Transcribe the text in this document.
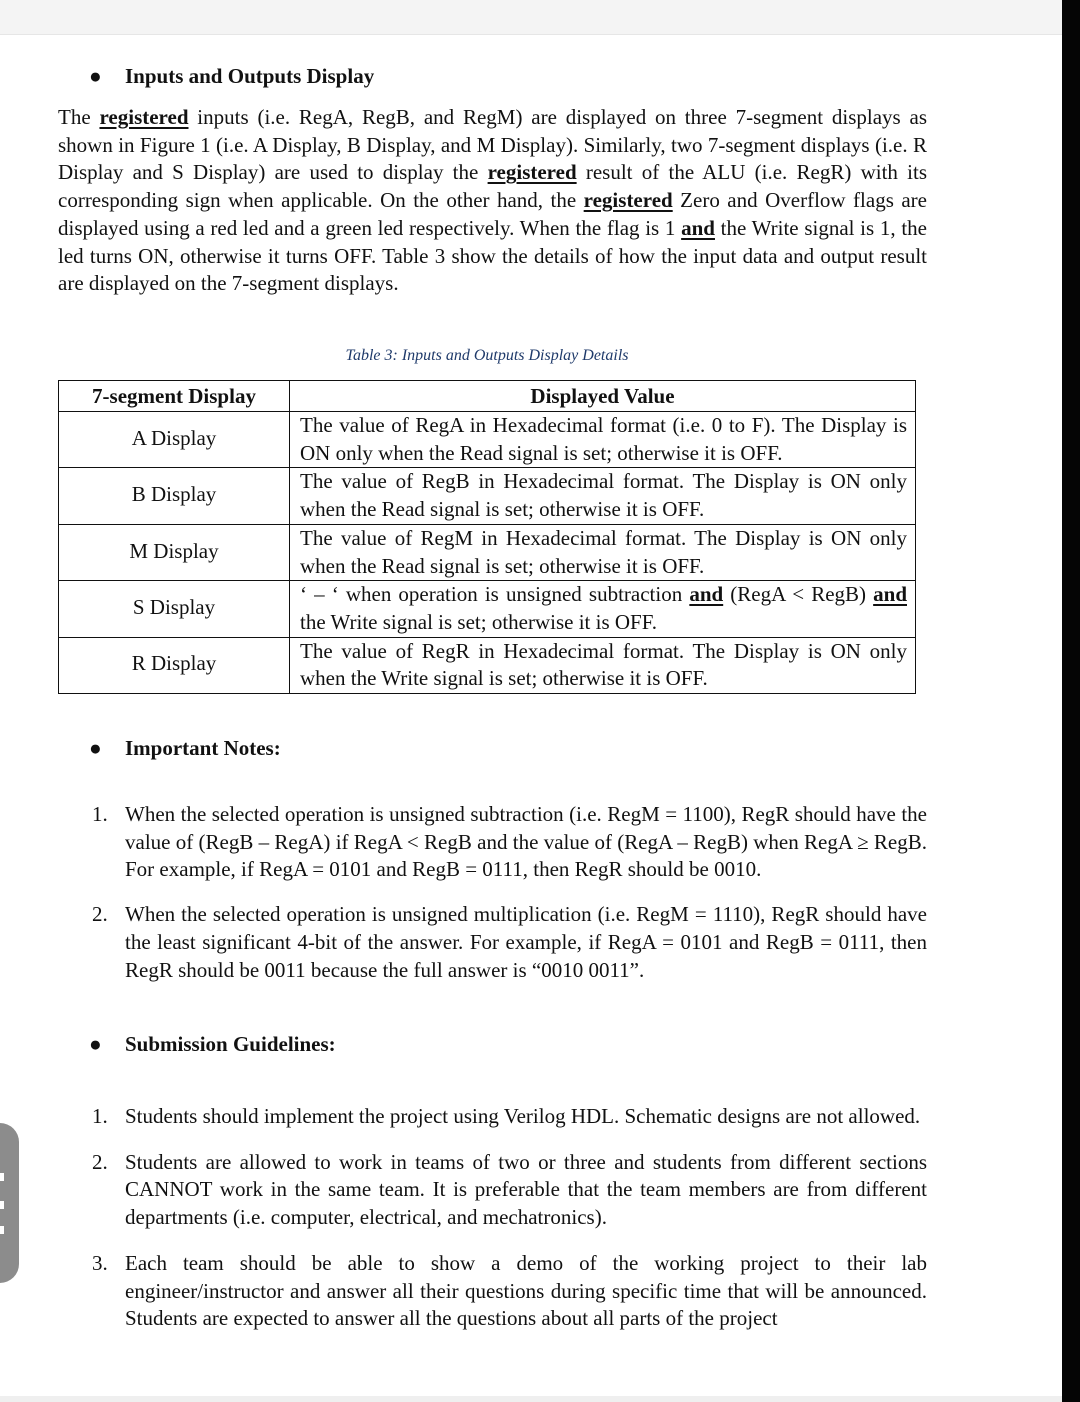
● Inputs and Outputs Display
The registered inputs (i.e. RegA, RegB, and RegM) are displayed on three 7-segment displays as shown in Figure 1 (i.e. A Display, B Display, and M Display). Similarly, two 7-segment displays (i.e. R Display and S Display) are used to display the registered result of the ALU (i.e. RegR) with its corresponding sign when applicable. On the other hand, the registered Zero and Overflow flags are displayed using a red led and a green led respectively. When the flag is 1 and the Write signal is 1, the led turns ON, otherwise it turns OFF. Table 3 show the details of how the input data and output result are displayed on the 7-segment displays.
Table 3: Inputs and Outputs Display Details
7-segment Display	Displayed Value
A Display	The value of RegA in Hexadecimal format (i.e. 0 to F). The Display is ON only when the Read signal is set; otherwise it is OFF.
B Display	The value of RegB in Hexadecimal format. The Display is ON only when the Read signal is set; otherwise it is OFF.
M Display	The value of RegM in Hexadecimal format. The Display is ON only when the Read signal is set; otherwise it is OFF.
S Display	‘ – ‘ when operation is unsigned subtraction and (RegA < RegB) and the Write signal is set; otherwise it is OFF.
R Display	The value of RegR in Hexadecimal format. The Display is ON only when the Write signal is set; otherwise it is OFF.
● Important Notes:
1. When the selected operation is unsigned subtraction (i.e. RegM = 1100), RegR should have the value of (RegB – RegA) if RegA < RegB and the value of (RegA – RegB) when RegA ≥ RegB. For example, if RegA = 0101 and RegB = 0111, then RegR should be 0010.
2. When the selected operation is unsigned multiplication (i.e. RegM = 1110), RegR should have the least significant 4-bit of the answer. For example, if RegA = 0101 and RegB = 0111, then RegR should be 0011 because the full answer is “0010 0011”.
● Submission Guidelines:
1. Students should implement the project using Verilog HDL. Schematic designs are not allowed.
2. Students are allowed to work in teams of two or three and students from different sections CANNOT work in the same team. It is preferable that the team members are from different departments (i.e. computer, electrical, and mechatronics).
3. Each team should be able to show a demo of the working project to their lab engineer/instructor and answer all their questions during specific time that will be announced. Students are expected to answer all the questions about all parts of the project
